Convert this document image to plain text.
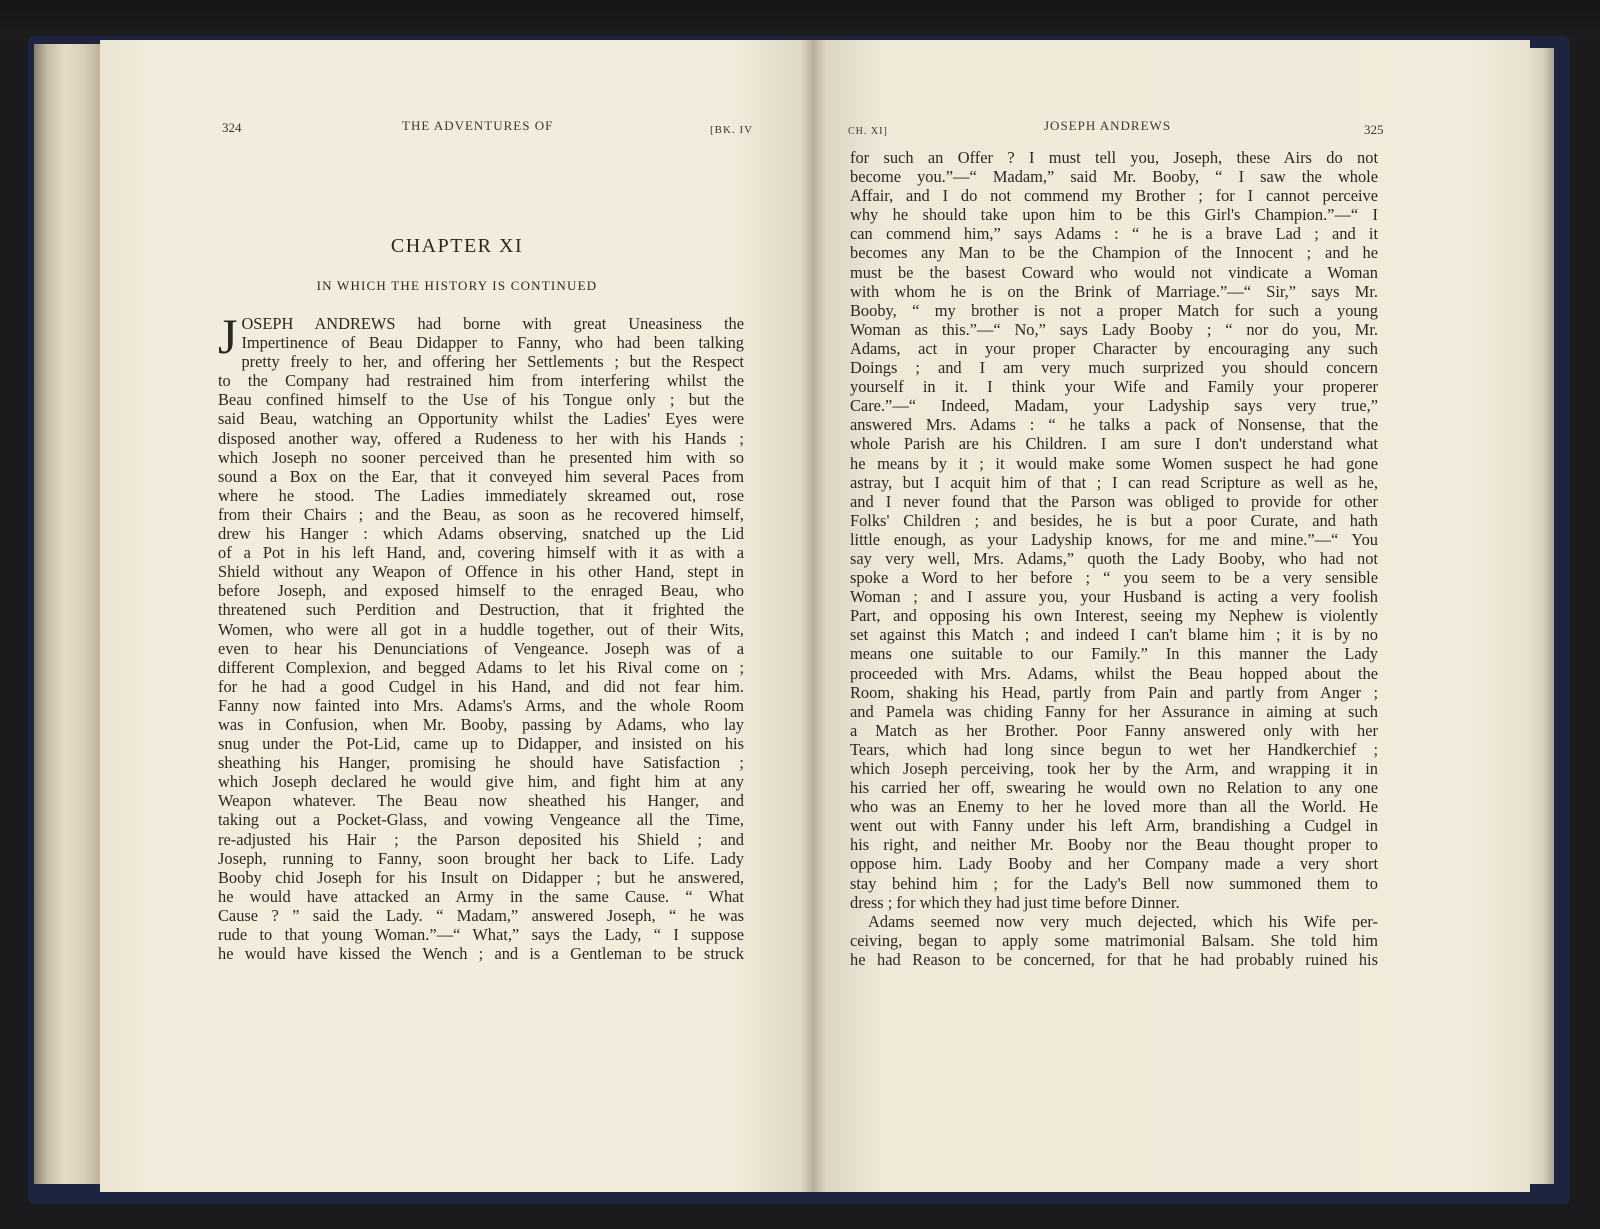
324	THE ADVENTURES OF	[BK. IV
CHAPTER XI
IN WHICH THE HISTORY IS CONTINUED
J OSEPH ANDREWS had borne with great Uneasiness the
Impertinence of Beau Didapper to Fanny, who had been talking
pretty freely to her, and offering her Settlements ; but the Respect
to the Company had restrained him from interfering whilst the
Beau confined himself to the Use of his Tongue only ; but the
said Beau, watching an Opportunity whilst the Ladies' Eyes were
disposed another way, offered a Rudeness to her with his Hands ;
which Joseph no sooner perceived than he presented him with so
sound a Box on the Ear, that it conveyed him several Paces from
where he stood. The Ladies immediately skreamed out, rose
from their Chairs ; and the Beau, as soon as he recovered himself,
drew his Hanger : which Adams observing, snatched up the Lid
of a Pot in his left Hand, and, covering himself with it as with a
Shield without any Weapon of Offence in his other Hand, stept in
before Joseph, and exposed himself to the enraged Beau, who
threatened such Perdition and Destruction, that it frighted the
Women, who were all got in a huddle together, out of their Wits,
even to hear his Denunciations of Vengeance. Joseph was of a
different Complexion, and begged Adams to let his Rival come on ;
for he had a good Cudgel in his Hand, and did not fear him.
Fanny now fainted into Mrs. Adams's Arms, and the whole Room
was in Confusion, when Mr. Booby, passing by Adams, who lay
snug under the Pot-Lid, came up to Didapper, and insisted on his
sheathing his Hanger, promising he should have Satisfaction ;
which Joseph declared he would give him, and fight him at any
Weapon whatever. The Beau now sheathed his Hanger, and
taking out a Pocket-Glass, and vowing Vengeance all the Time,
re-adjusted his Hair ; the Parson deposited his Shield ; and
Joseph, running to Fanny, soon brought her back to Life. Lady
Booby chid Joseph for his Insult on Didapper ; but he answered,
he would have attacked an Army in the same Cause. “ What
Cause ? ” said the Lady. “ Madam,” answered Joseph, “ he was
rude to that young Woman.”—“ What,” says the Lady, “ I suppose
he would have kissed the Wench ; and is a Gentleman to be struck
CH. XI]	JOSEPH ANDREWS	325
for such an Offer ? I must tell you, Joseph, these Airs do not
become you.”—“ Madam,” said Mr. Booby, “ I saw the whole
Affair, and I do not commend my Brother ; for I cannot perceive
why he should take upon him to be this Girl's Champion.”—“ I
can commend him,” says Adams : “ he is a brave Lad ; and it
becomes any Man to be the Champion of the Innocent ; and he
must be the basest Coward who would not vindicate a Woman
with whom he is on the Brink of Marriage.”—“ Sir,” says Mr.
Booby, “ my brother is not a proper Match for such a young
Woman as this.”—“ No,” says Lady Booby ; “ nor do you, Mr.
Adams, act in your proper Character by encouraging any such
Doings ; and I am very much surprized you should concern
yourself in it. I think your Wife and Family your properer
Care.”—“ Indeed, Madam, your Ladyship says very true,”
answered Mrs. Adams : “ he talks a pack of Nonsense, that the
whole Parish are his Children. I am sure I don't understand what
he means by it ; it would make some Women suspect he had gone
astray, but I acquit him of that ; I can read Scripture as well as he,
and I never found that the Parson was obliged to provide for other
Folks' Children ; and besides, he is but a poor Curate, and hath
little enough, as your Ladyship knows, for me and mine.”—“ You
say very well, Mrs. Adams,” quoth the Lady Booby, who had not
spoke a Word to her before ; “ you seem to be a very sensible
Woman ; and I assure you, your Husband is acting a very foolish
Part, and opposing his own Interest, seeing my Nephew is violently
set against this Match ; and indeed I can't blame him ; it is by no
means one suitable to our Family.” In this manner the Lady
proceeded with Mrs. Adams, whilst the Beau hopped about the
Room, shaking his Head, partly from Pain and partly from Anger ;
and Pamela was chiding Fanny for her Assurance in aiming at such
a Match as her Brother. Poor Fanny answered only with her
Tears, which had long since begun to wet her Handkerchief ;
which Joseph perceiving, took her by the Arm, and wrapping it in
his carried her off, swearing he would own no Relation to any one
who was an Enemy to her he loved more than all the World. He
went out with Fanny under his left Arm, brandishing a Cudgel in
his right, and neither Mr. Booby nor the Beau thought proper to
oppose him. Lady Booby and her Company made a very short
stay behind him ; for the Lady's Bell now summoned them to
dress ; for which they had just time before Dinner.
Adams seemed now very much dejected, which his Wife per-
ceiving, began to apply some matrimonial Balsam. She told him
he had Reason to be concerned, for that he had probably ruined his
